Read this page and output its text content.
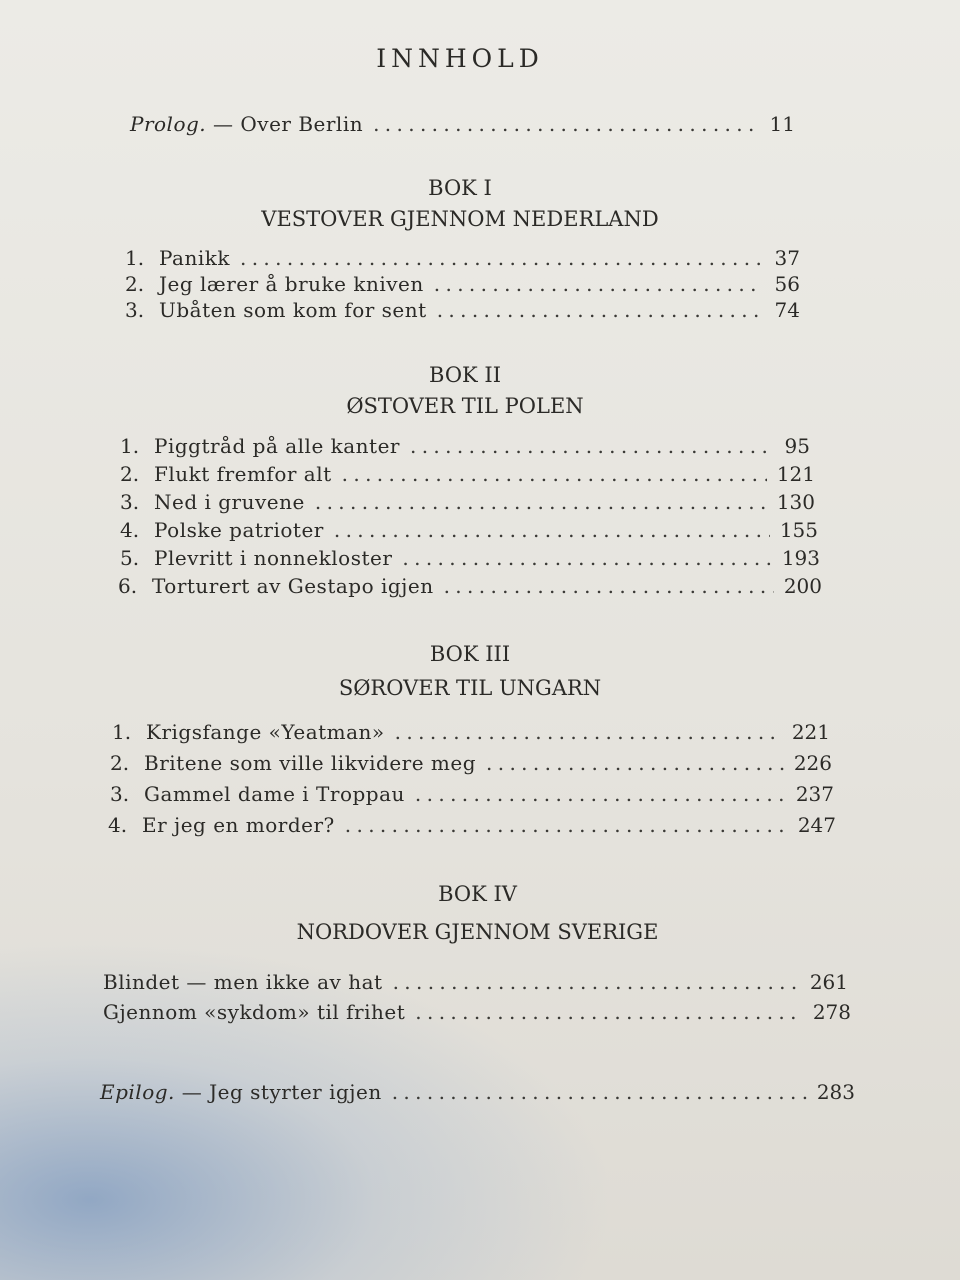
INNHOLD
Prolog. — Over Berlin . . .	11
BOK I
VESTOVER GJENNOM NEDERLAND
1. Panikk . . .	37
2. Jeg lærer å bruke kniven . . .	56
3. Ubåten som kom for sent . . .	74
BOK II
ØSTOVER TIL POLEN
1. Piggtråd på alle kanter . . .	95
2. Flukt fremfor alt . . .	121
3. Ned i gruvene . . .	130
4. Polske patrioter . . .	155
5. Plevritt i nonnekloster . . .	193
6. Torturert av Gestapo igjen . . .	200
BOK III
SØROVER TIL UNGARN
1. Krigsfange «Yeatman» . . .	221
2. Britene som ville likvidere meg . . .	226
3. Gammel dame i Troppau . . .	237
4. Er jeg en morder? . . .	247
BOK IV
NORDOVER GJENNOM SVERIGE
Blindet — men ikke av hat . . .	261
Gjennom «sykdom» til frihet . . .	278
Epilog. — Jeg styrter igjen . . .	283
